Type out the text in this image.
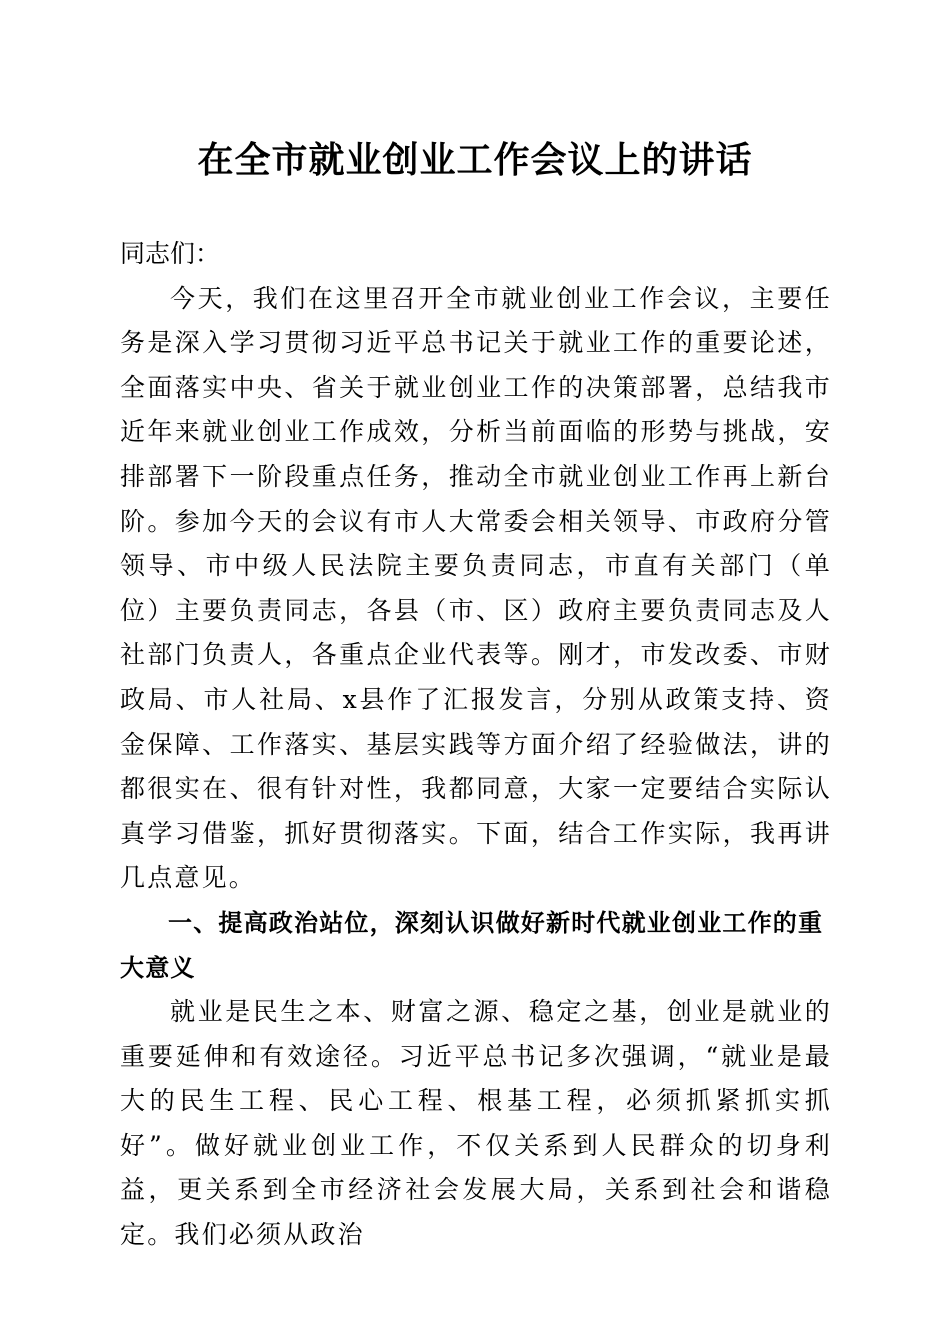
在全市就业创业工作会议上的讲话

同志们：

今天，我们在这里召开全市就业创业工作会议，主要任务是深入学习贯彻习近平总书记关于就业工作的重要论述，全面落实中央、省关于就业创业工作的决策部署，总结我市近年来就业创业工作成效，分析当前面临的形势与挑战，安排部署下一阶段重点任务，推动全市就业创业工作再上新台阶。参加今天的会议有市人大常委会相关领导、市政府分管领导、市中级人民法院主要负责同志，市直有关部门（单位）主要负责同志，各县（市、区）政府主要负责同志及人社部门负责人，各重点企业代表等。刚才，市发改委、市财政局、市人社局、x县作了汇报发言，分别从政策支持、资金保障、工作落实、基层实践等方面介绍了经验做法，讲的都很实在、很有针对性，我都同意，大家一定要结合实际认真学习借鉴，抓好贯彻落实。下面，结合工作实际，我再讲几点意见。

一、提高政治站位，深刻认识做好新时代就业创业工作的重大意义

就业是民生之本、财富之源、稳定之基，创业是就业的重要延伸和有效途径。习近平总书记多次强调，“就业是最大的民生工程、民心工程、根基工程，必须抓紧抓实抓好”。做好就业创业工作，不仅关系到人民群众的切身利益，更关系到全市经济社会发展大局，关系到社会和谐稳定。我们必须从政治
